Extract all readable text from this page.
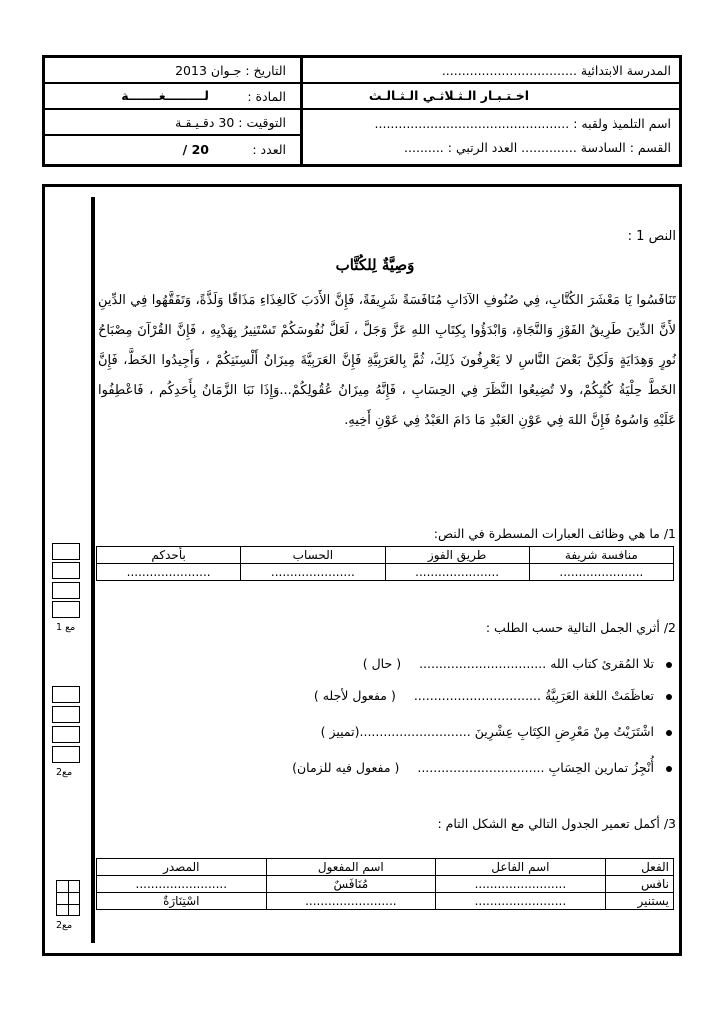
التاريخ : جـوان 2013
المادة :
لـــــــــغـــــــة
التوقيت : 30 دقـيـقـة
العدد :
20 /
المدرسة الابتدائية ..................................
اخـتـبـار الـثـلاثـي الـثـالـث
اسم التلميذ ولقبه : .................................................
القسم : السادسة .............. العدد الرتبي : ..........
النص 1 :
وَصِيَّةٌ لِلكُتَّاب
تَنَافَسُوا يَا مَعْشَرَ الكُتَّابِ، فِي صُنُوفِ الآدَابِ مُنَافَسَةً شَرِيفَةً، فَإِنَّ الأَدَبَ كَالغِذَاءِ مَذَاقًا وَلَذَّةً، وَتَفَقَّهُوا فِي الدِّينِ لأَنَّ الدِّينَ طَرِيقُ الفَوْزِ وَالنَّجَاةِ، وَابْدَؤُوا بِكِتَابِ اللهِ عَزَّ وَجَلَّ ، لَعَلَّ نُفُوسَكُمْ تَسْتَنِيرُ بِهَدْيِهِ ، فَإِنَّ القُرْآنَ مِصْبَاحُ نُورٍ وَهِدَايَةٍ وَلَكِنَّ بَعْضَ النَّاسِ لا يَعْرِفُونَ ذَلِكَ، ثُمَّ بِالعَرَبِيَّةِ فَإِنَّ العَرَبِيَّةَ مِيزَانُ أَلْسِنَتِكُمْ ، وَأَجِيدُوا الخَطَّ، فَإِنَّ الخَطَّ حِلْيَةُ كُتُبِكُمْ، ولا تُضِيعُوا النَّظَرَ فِي الحِسَابِ ، فَإِنَّهُ مِيزَانُ عُقُولِكُمْ...وَإِذَا نَبَا الزَّمَانُ بِأَحَدِكُم ، فَاعْطِفُوا عَلَيْهِ وَاسُوهُ فَإِنَّ اللهَ فِي عَوْنِ العَبْدِ مَا دَامَ العَبْدُ فِي عَوْنِ أَخِيهِ.
1/ ما هي وظائف العبارات المسطرة في النص:
منافسة شريفة	طريق الفوز	الحساب	بأحدكم
......................	......................	......................	......................
مع 1	2/ أثري الجمل التالية حسب الطلب :
تلا المُقرئ كتاب الله ................................ ( حال )
تعاظَمَتْ اللغة العَرَبِيَّةُ ................................ ( مفعول لأجله )
اشْتَرَيْتُ مِنْ مَعْرِضِ الكِتَابِ عِشْرِينَ ............................(تمييز )
أُنْجِزُ تمارين الحِسَابِ ................................ ( مفعول فيه للزمان)
مع2
3/ أكمل تعمير الجدول التالي مع الشكل التام :
الفعل	اسم الفاعل	اسم المفعول	المصدر
نافس	........................	مُنَافَسٌ	........................
يستنير	........................	........................	اسْتِنَارَةٌ
مع2
